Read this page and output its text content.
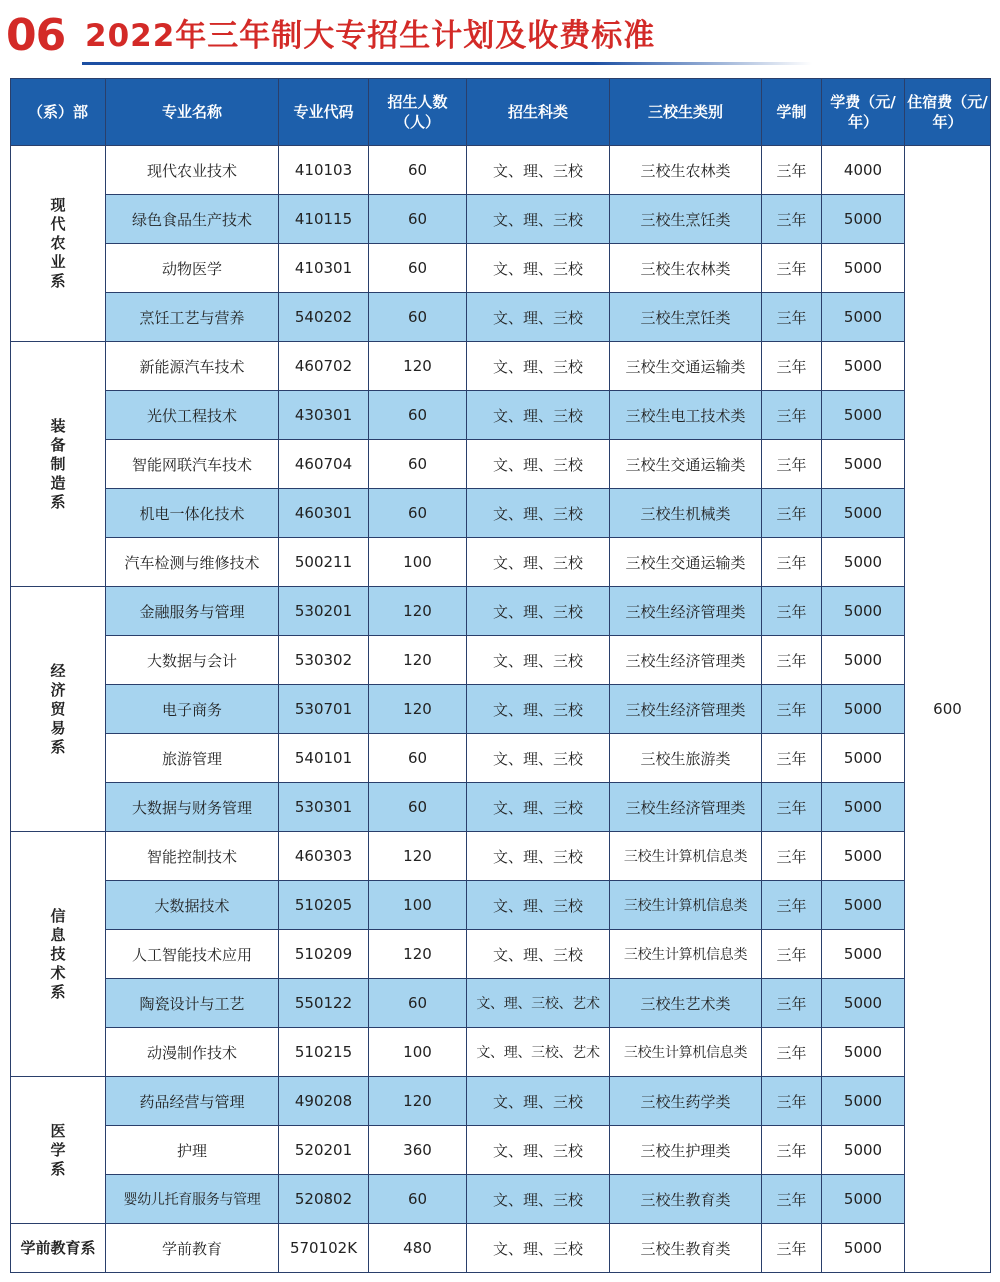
06 2022年三年制大专招生计划及收费标准
（系）部	专业名称	专业代码	招生人数（人）	招生科类	三校生类别	学制	学费（元/年）	住宿费（元/年）
现代农业系	现代农业技术	410103	60	文、理、三校	三校生农林类	三年	4000	600
	绿色食品生产技术	410115	60	文、理、三校	三校生烹饪类	三年	5000	
	动物医学	410301	60	文、理、三校	三校生农林类	三年	5000	
	烹饪工艺与营养	540202	60	文、理、三校	三校生烹饪类	三年	5000	
装备制造系	新能源汽车技术	460702	120	文、理、三校	三校生交通运输类	三年	5000	
	光伏工程技术	430301	60	文、理、三校	三校生电工技术类	三年	5000	
	智能网联汽车技术	460704	60	文、理、三校	三校生交通运输类	三年	5000	
	机电一体化技术	460301	60	文、理、三校	三校生机械类	三年	5000	
	汽车检测与维修技术	500211	100	文、理、三校	三校生交通运输类	三年	5000	
经济贸易系	金融服务与管理	530201	120	文、理、三校	三校生经济管理类	三年	5000	
	大数据与会计	530302	120	文、理、三校	三校生经济管理类	三年	5000	
	电子商务	530701	120	文、理、三校	三校生经济管理类	三年	5000	
	旅游管理	540101	60	文、理、三校	三校生旅游类	三年	5000	
	大数据与财务管理	530301	60	文、理、三校	三校生经济管理类	三年	5000	
信息技术系	智能控制技术	460303	120	文、理、三校	三校生计算机信息类	三年	5000	
	大数据技术	510205	100	文、理、三校	三校生计算机信息类	三年	5000	
	人工智能技术应用	510209	120	文、理、三校	三校生计算机信息类	三年	5000	
	陶瓷设计与工艺	550122	60	文、理、三校、艺术	三校生艺术类	三年	5000	
	动漫制作技术	510215	100	文、理、三校、艺术	三校生计算机信息类	三年	5000	
医学系	药品经营与管理	490208	120	文、理、三校	三校生药学类	三年	5000	
	护理	520201	360	文、理、三校	三校生护理类	三年	5000	
	婴幼儿托育服务与管理	520802	60	文、理、三校	三校生教育类	三年	5000	
学前教育系	学前教育	570102K	480	文、理、三校	三校生教育类	三年	5000	
